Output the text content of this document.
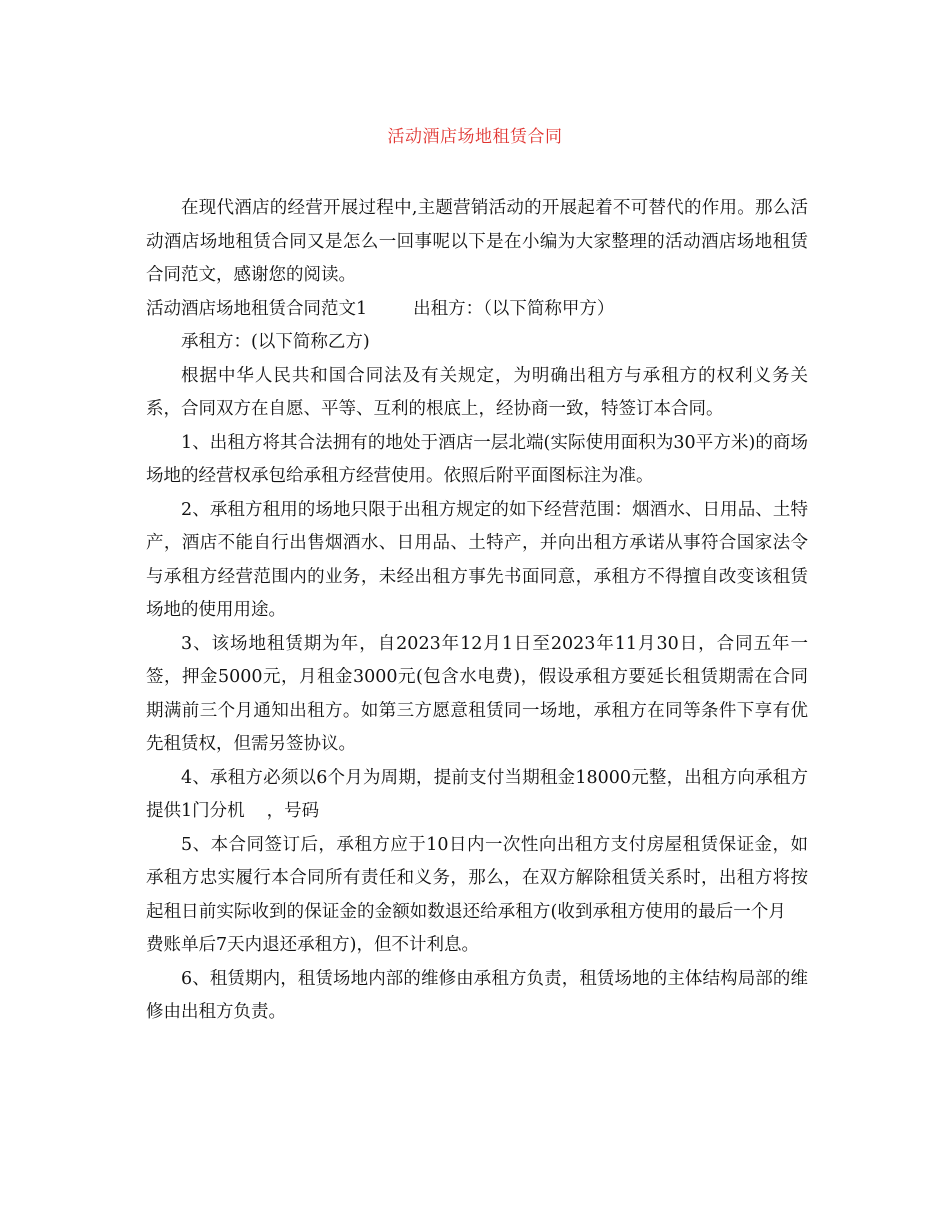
活动酒店场地租赁合同

在现代酒店的经营开展过程中,主题营销活动的开展起着不可替代的作用。那么活动酒店场地租赁合同又是怎么一回事呢以下是在小编为大家整理的活动酒店场地租赁合同范文，感谢您的阅读。

活动酒店场地租赁合同范文1	出租方：（以下简称甲方）

承租方：(以下简称乙方)

根据中华人民共和国合同法及有关规定，为明确出租方与承租方的权利义务关系，合同双方在自愿、平等、互利的根底上，经协商一致，特签订本合同。

1、出租方将其合法拥有的地处于酒店一层北端(实际使用面积为30平方米)的商场场地的经营权承包给承租方经营使用。依照后附平面图标注为准。

2、承租方租用的场地只限于出租方规定的如下经营范围：烟酒水、日用品、土特产，酒店不能自行出售烟酒水、日用品、土特产，并向出租方承诺从事符合国家法令与承租方经营范围内的业务，未经出租方事先书面同意，承租方不得擅自改变该租赁场地的使用用途。

3、该场地租赁期为年，自2023年12月1日至2023年11月30日，合同五年一签，押金5000元，月租金3000元(包含水电费)，假设承租方要延长租赁期需在合同期满前三个月通知出租方。如第三方愿意租赁同一场地，承租方在同等条件下享有优先租赁权，但需另签协议。

4、承租方必须以6个月为周期，提前支付当期租金18000元整，出租方向承租方提供1门分机 ，号码

5、本合同签订后，承租方应于10日内一次性向出租方支付房屋租赁保证金，如承租方忠实履行本合同所有责任和义务，那么，在双方解除租赁关系时，出租方将按起租日前实际收到的保证金的金额如数退还给承租方(收到承租方使用的最后一个月费账单后7天内退还承租方)，但不计利息。

6、租赁期内，租赁场地内部的维修由承租方负责，租赁场地的主体结构局部的维修由出租方负责。
